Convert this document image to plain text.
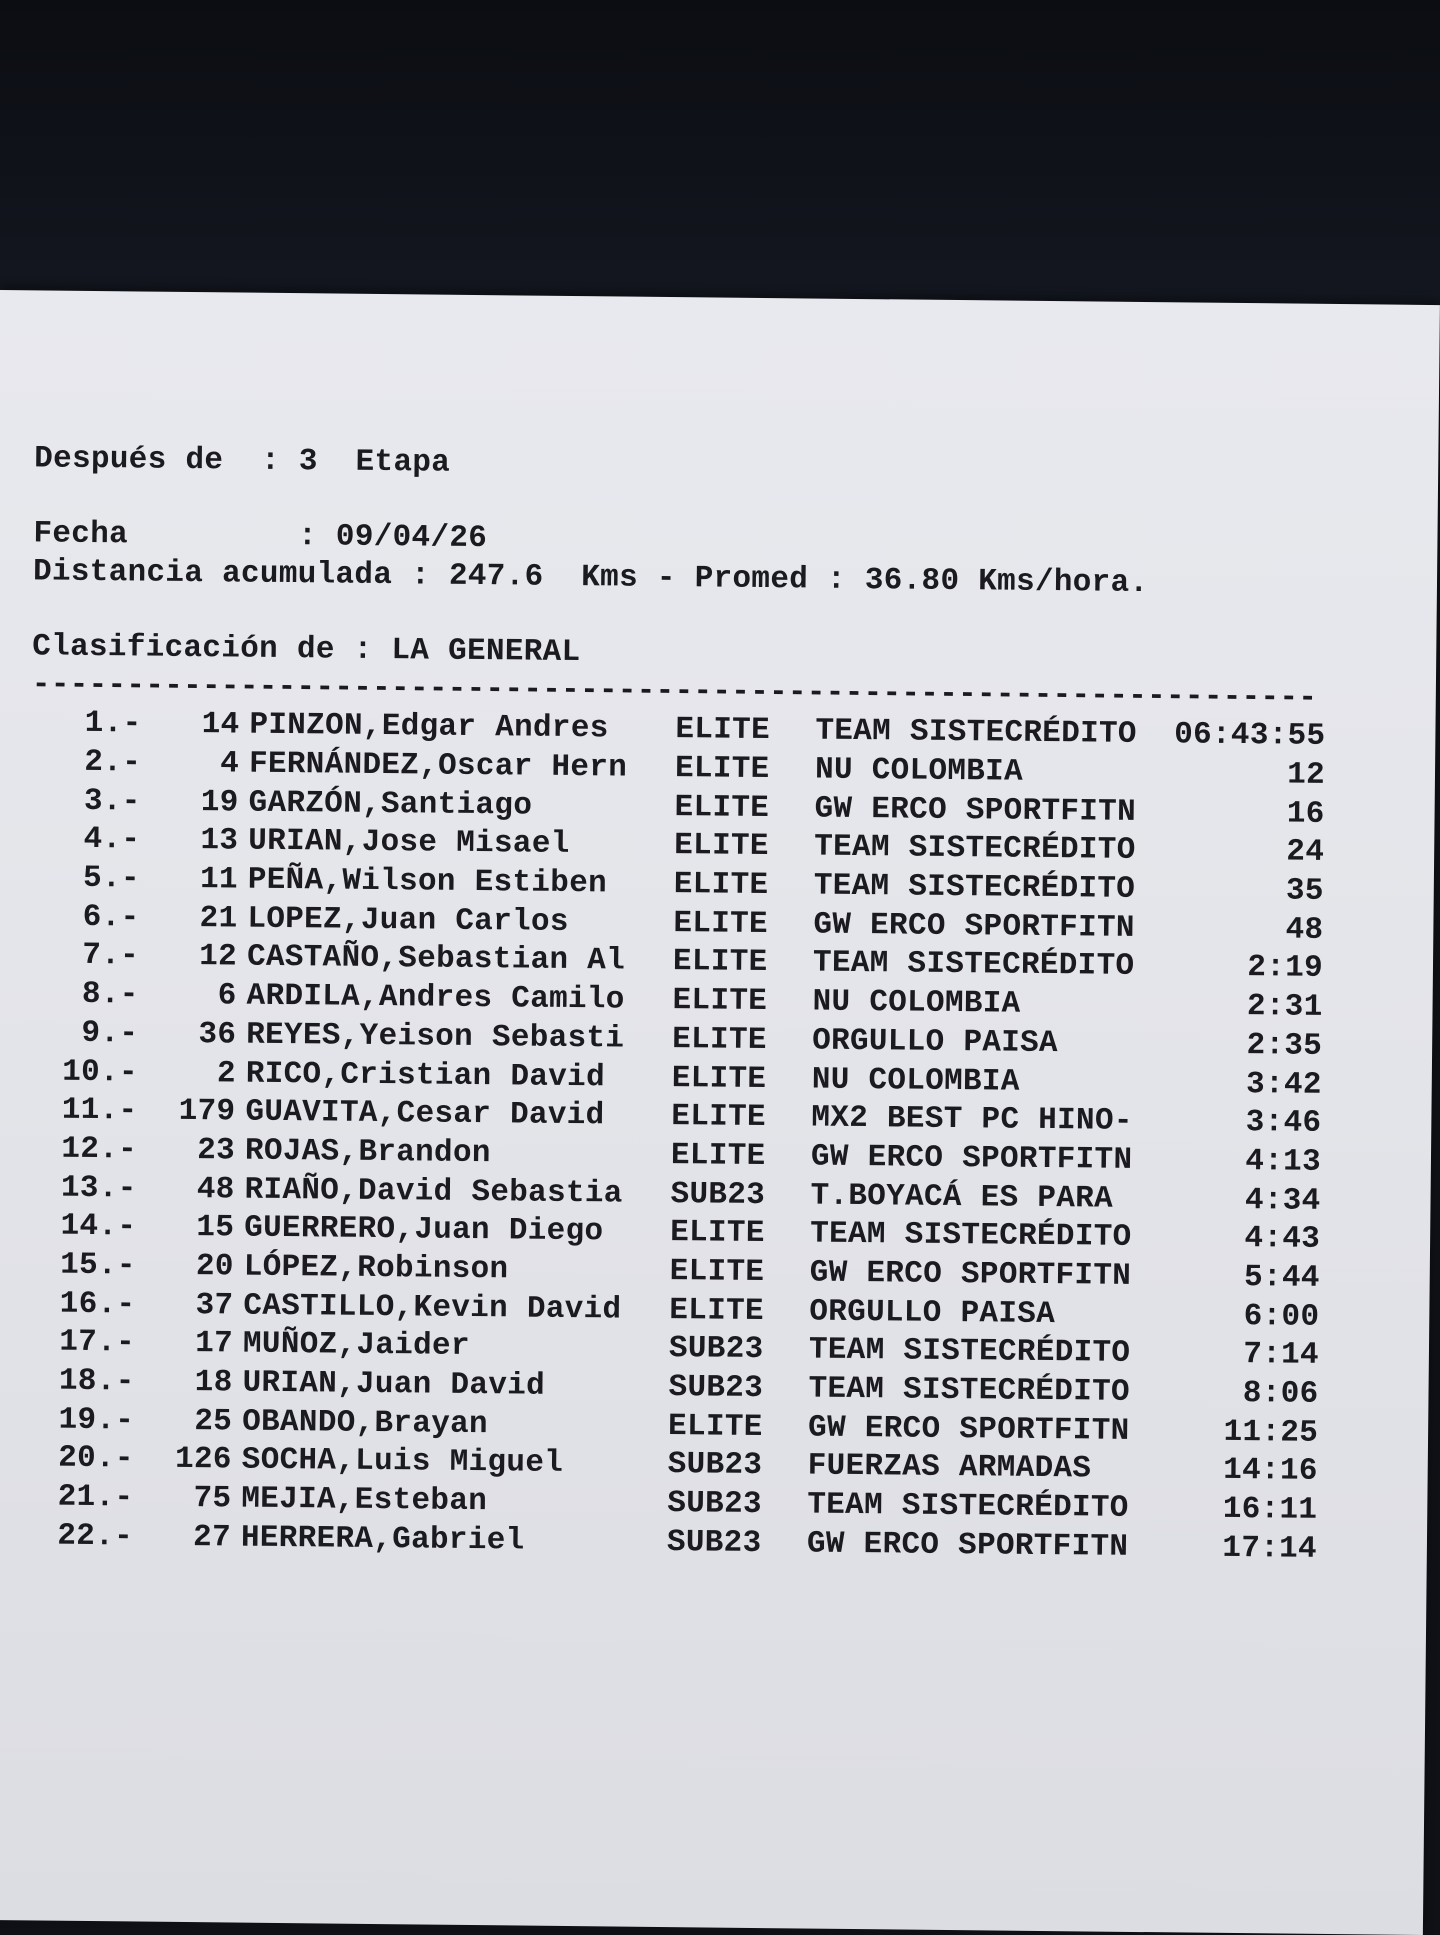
Después de  : 3 Etapa
Fecha         : 09/04/26
Distancia acumulada : 247.6 Kms - Promed : 36.80 Kms/hora.
Clasificación de : LA GENERAL
--------------------------------------------------------------------
1.-	14 PINZON,Edgar Andres	ELITE	TEAM SISTECRÉDITO	06:43:55
2.-	4 FERNÁNDEZ,Oscar Hern	ELITE	NU COLOMBIA	12
3.-	19 GARZÓN,Santiago	ELITE	GW ERCO SPORTFITN	16
4.-	13 URIAN,Jose Misael	ELITE	TEAM SISTECRÉDITO	24
5.-	11 PEÑA,Wilson Estiben	ELITE	TEAM SISTECRÉDITO	35
6.-	21 LOPEZ,Juan Carlos	ELITE	GW ERCO SPORTFITN	48
7.-	12 CASTAÑO,Sebastian Al	ELITE	TEAM SISTECRÉDITO	2:19
8.-	6 ARDILA,Andres Camilo	ELITE	NU COLOMBIA	2:31
9.-	36 REYES,Yeison Sebasti	ELITE	ORGULLO PAISA	2:35
10.-	2 RICO,Cristian David	ELITE	NU COLOMBIA	3:42
11.-	179 GUAVITA,Cesar David	ELITE	MX2 BEST PC HINO-	3:46
12.-	23 ROJAS,Brandon	ELITE	GW ERCO SPORTFITN	4:13
13.-	48 RIAÑO,David Sebastia	SUB23	T.BOYACÁ ES PARA	4:34
14.-	15 GUERRERO,Juan Diego	ELITE	TEAM SISTECRÉDITO	4:43
15.-	20 LÓPEZ,Robinson	ELITE	GW ERCO SPORTFITN	5:44
16.-	37 CASTILLO,Kevin David	ELITE	ORGULLO PAISA	6:00
17.-	17 MUÑOZ,Jaider	SUB23	TEAM SISTECRÉDITO	7:14
18.-	18 URIAN,Juan David	SUB23	TEAM SISTECRÉDITO	8:06
19.-	25 OBANDO,Brayan	ELITE	GW ERCO SPORTFITN	11:25
20.-	126 SOCHA,Luis Miguel	SUB23	FUERZAS ARMADAS	14:16
21.-	75 MEJIA,Esteban	SUB23	TEAM SISTECRÉDITO	16:11
22.-	27 HERRERA,Gabriel	SUB23	GW ERCO SPORTFITN	17:14
